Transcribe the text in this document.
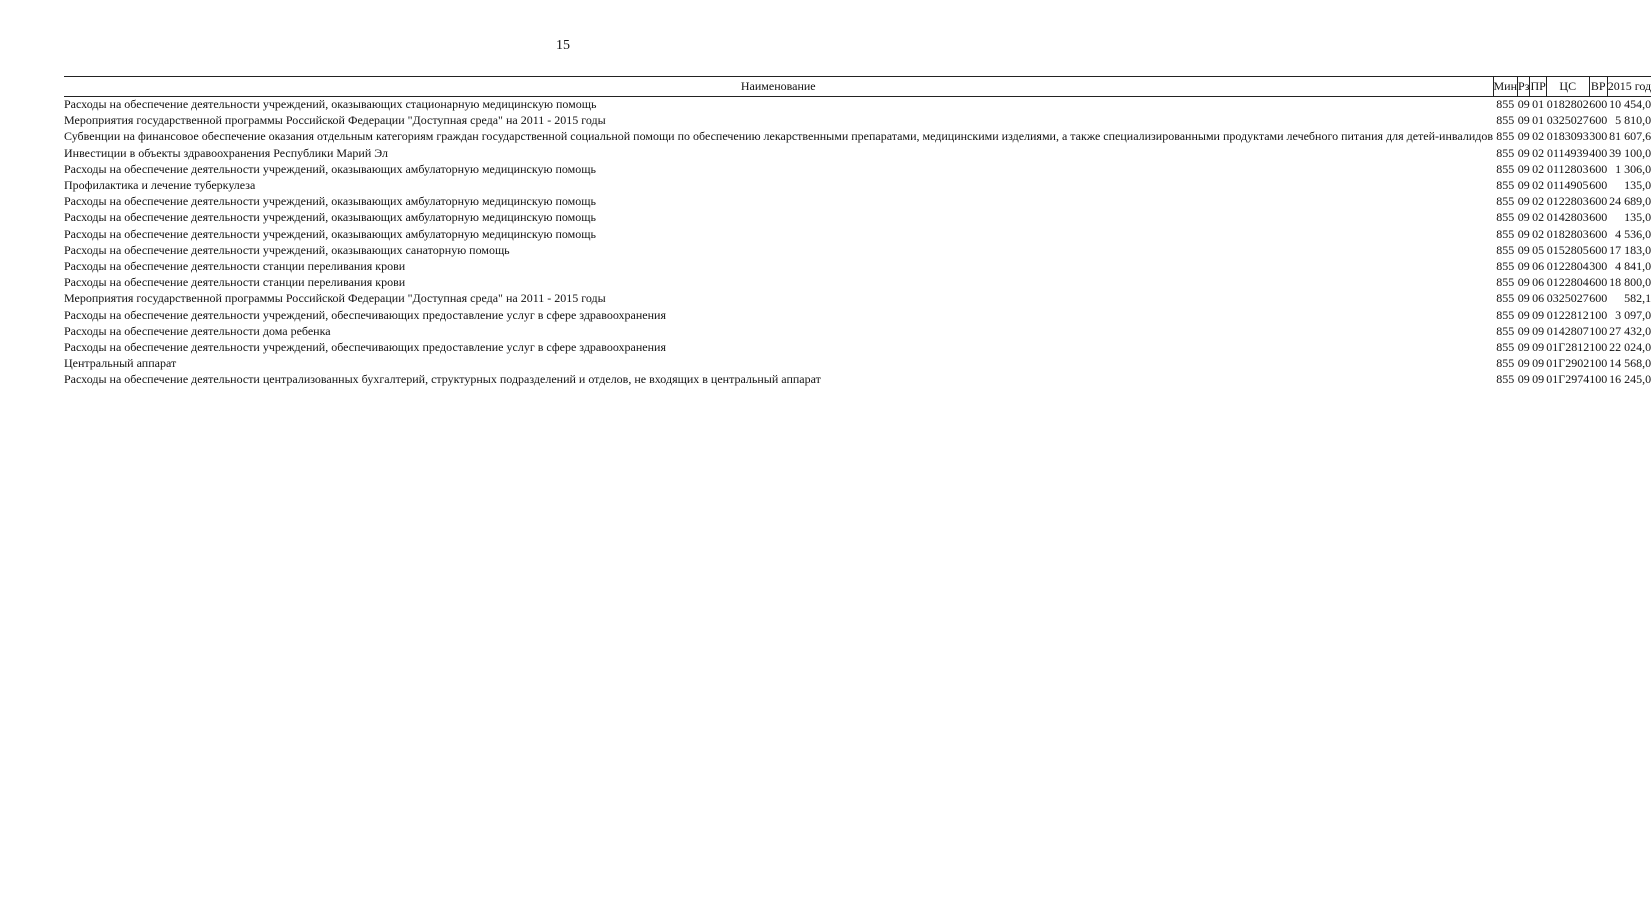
15
Наименование	Мин	Рз	ПР	ЦС	ВР	2015 год
Расходы на обеспечение деятельности учреждений, оказывающих стационарную медицинскую помощь	855	09	01	0182802	600	10 454,0
Мероприятия государственной программы Российской Федерации "Доступная среда" на 2011 - 2015 годы	855	09	01	0325027	600	5 810,0
Субвенции на финансовое обеспечение оказания отдельным категориям граждан государственной социальной помощи по обеспечению лекарственными препаратами, медицинскими изделиями, а также специализированными продуктами лечебного питания для детей-инвалидов	855	09	02	0183093	300	81 607,6
Инвестиции в объекты здравоохранения Республики Марий Эл	855	09	02	0114939	400	39 100,0
Расходы на обеспечение деятельности учреждений, оказывающих амбулаторную медицинскую помощь	855	09	02	0112803	600	1 306,0
Профилактика и лечение туберкулеза	855	09	02	0114905	600	135,0
Расходы на обеспечение деятельности учреждений, оказывающих амбулаторную медицинскую помощь	855	09	02	0122803	600	24 689,0
Расходы на обеспечение деятельности учреждений, оказывающих амбулаторную медицинскую помощь	855	09	02	0142803	600	135,0
Расходы на обеспечение деятельности учреждений, оказывающих амбулаторную медицинскую помощь	855	09	02	0182803	600	4 536,0
Расходы на обеспечение деятельности учреждений, оказывающих санаторную помощь	855	09	05	0152805	600	17 183,0
Расходы на обеспечение деятельности станции переливания крови	855	09	06	0122804	300	4 841,0
Расходы на обеспечение деятельности станции переливания крови	855	09	06	0122804	600	18 800,0
Мероприятия государственной программы Российской Федерации "Доступная среда" на 2011 - 2015 годы	855	09	06	0325027	600	582,1
Расходы на обеспечение деятельности учреждений, обеспечивающих предоставление услуг в сфере здравоохранения	855	09	09	0122812	100	3 097,0
Расходы на обеспечение деятельности дома ребенка	855	09	09	0142807	100	27 432,0
Расходы на обеспечение деятельности учреждений, обеспечивающих предоставление услуг в сфере здравоохранения	855	09	09	01Г2812	100	22 024,0
Центральный аппарат	855	09	09	01Г2902	100	14 568,0
Расходы на обеспечение деятельности централизованных бухгалтерий, структурных подразделений и отделов, не входящих в центральный аппарат	855	09	09	01Г2974	100	16 245,0
